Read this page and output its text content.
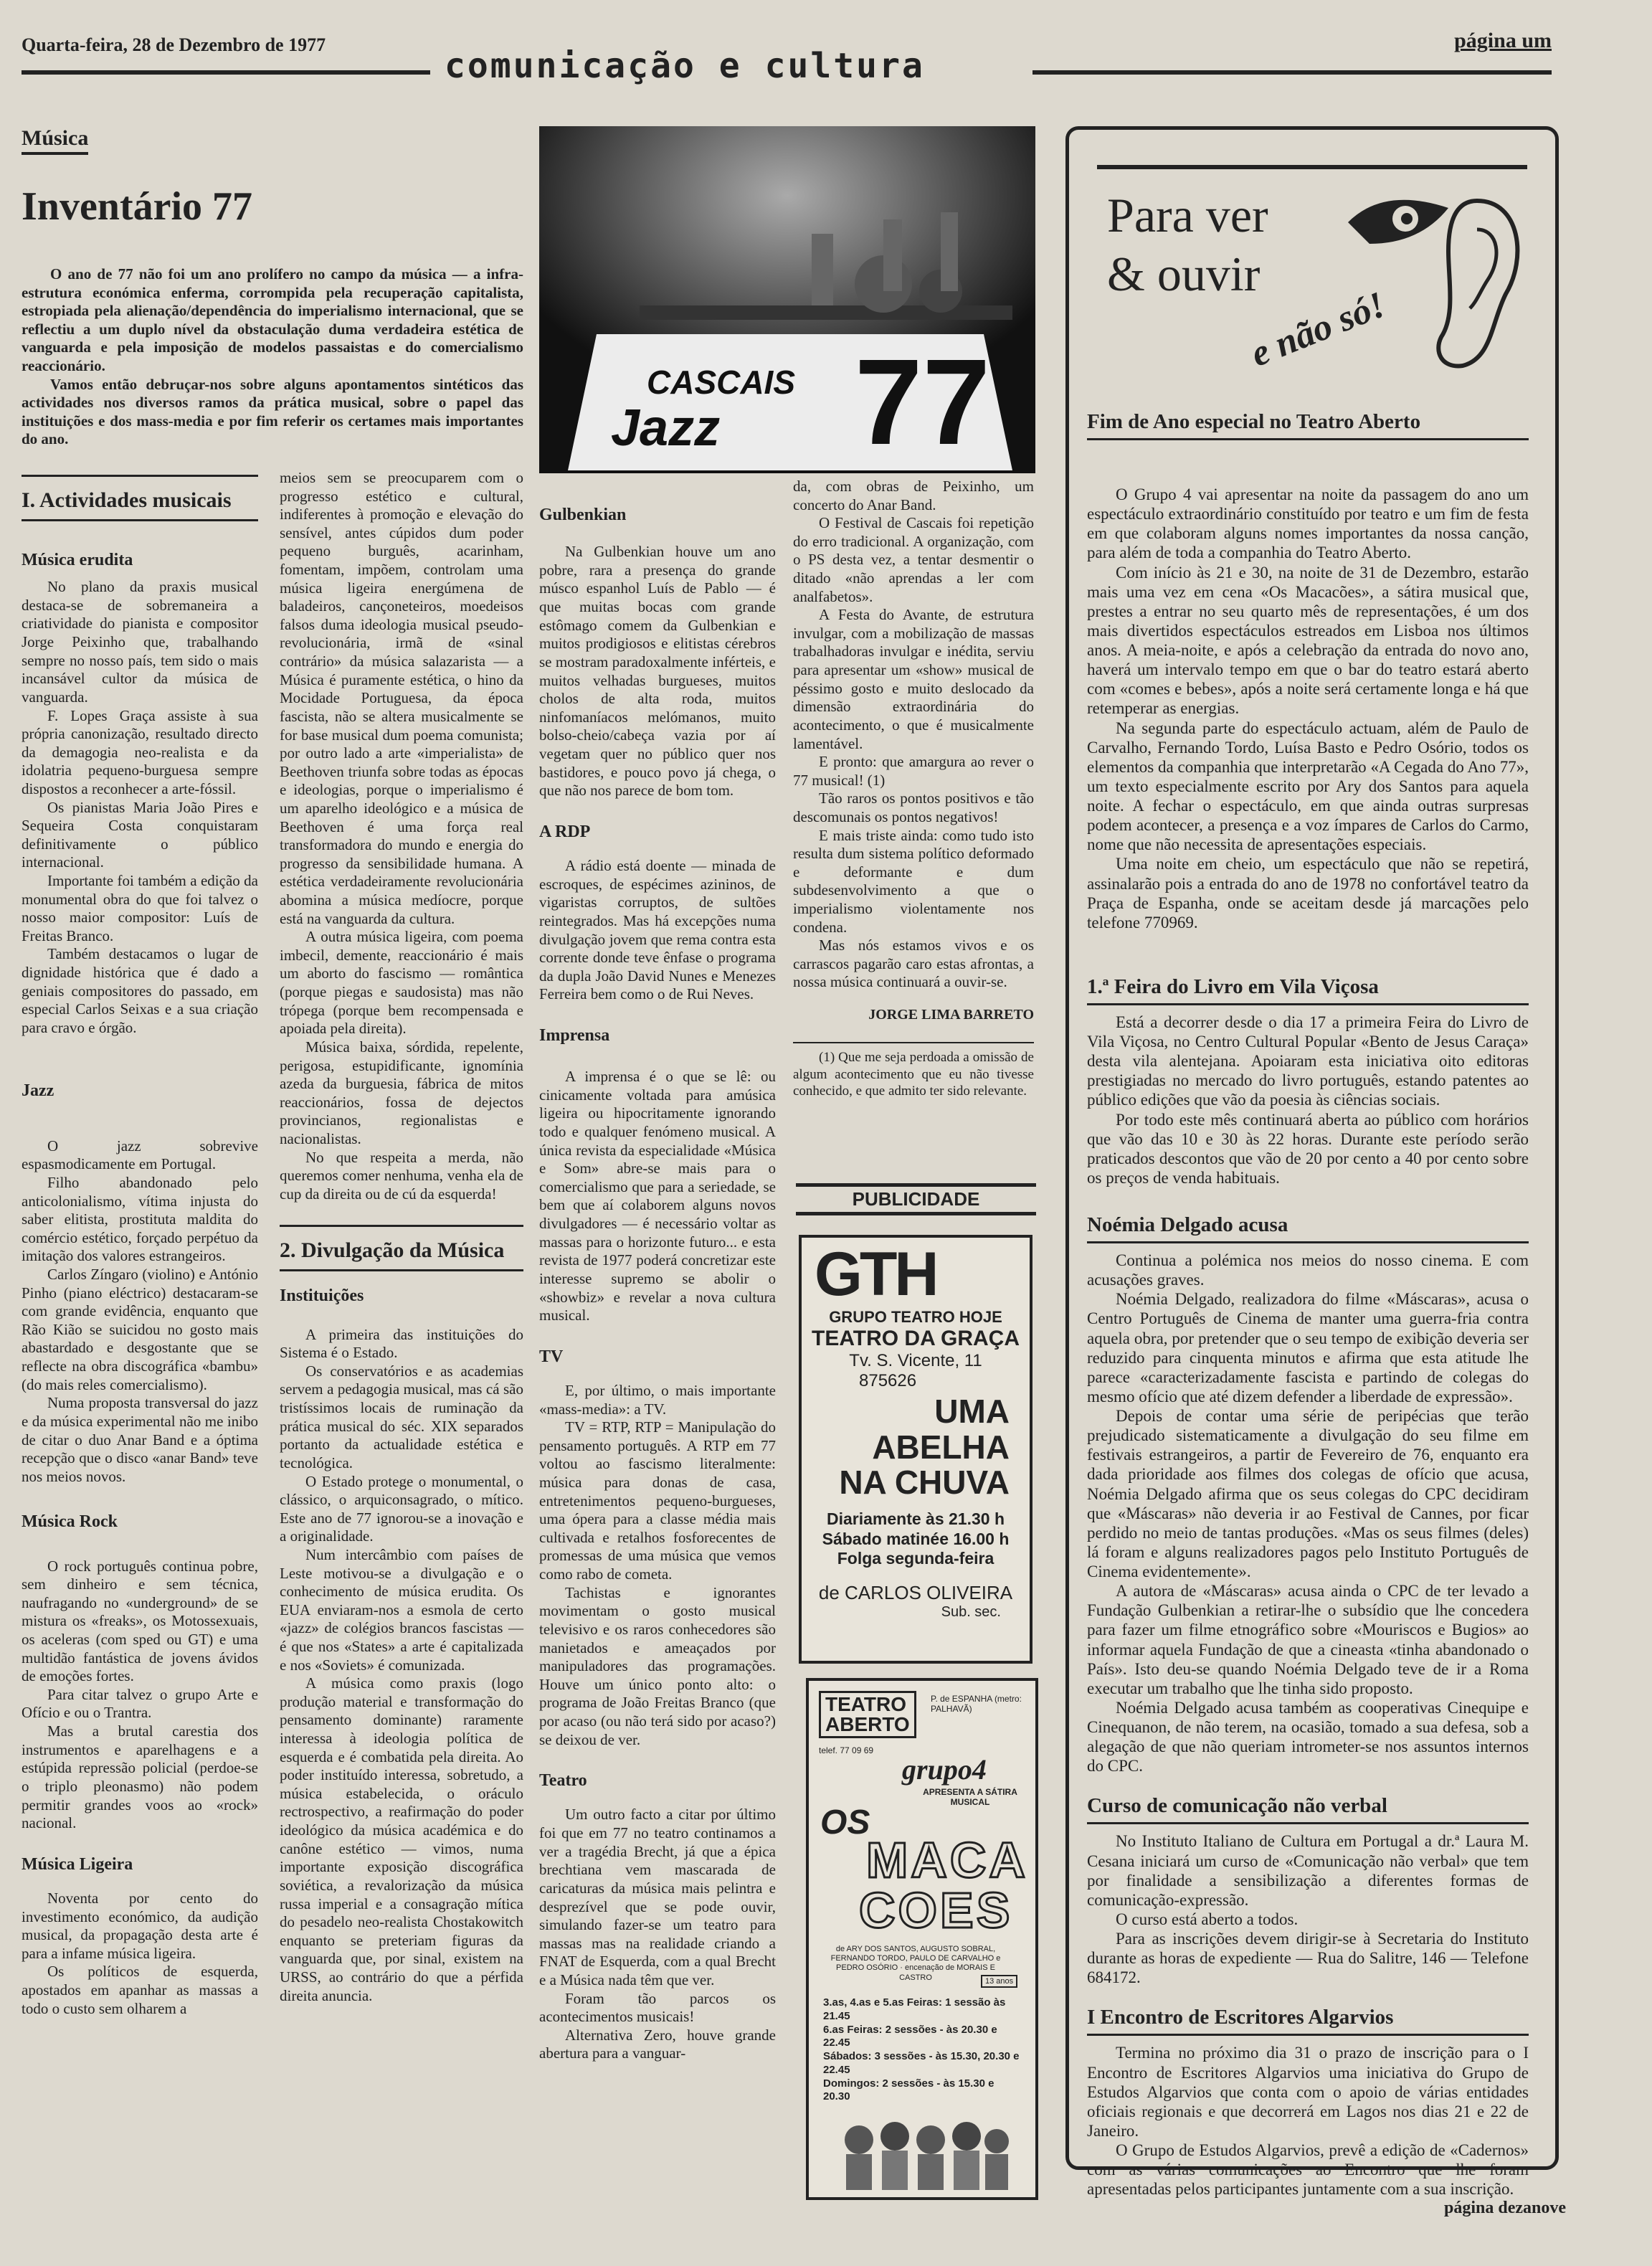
Quarta-feira, 28 de Dezembro de 1977
comunicação e cultura
página um
Música
Inventário 77

O ano de 77 não foi um ano prolífero no campo da música — a infra-estrutura económica enferma, corrompida pela recuperação capitalista, estropiada pela alienação/dependência do imperialismo internacional, que se reflectiu a um duplo nível da obstaculação duma verdadeira estética de vanguarda e pela imposição de modelos passaistas e do comercialismo reaccionário.

Vamos então debruçar-nos sobre alguns apontamentos sintéticos das actividades nos diversos ramos da prática musical, sobre o papel das instituições e dos mass-media e por fim referir os certames mais importantes do ano.

CASCAIS
Jazz 77
I. Actividades musicais
Música erudita

No plano da praxis musical destaca-se de sobremaneira a criatividade do pianista e compositor Jorge Peixinho que, trabalhando sempre no nosso país, tem sido o mais incansável cultor da música de vanguarda.

F. Lopes Graça assiste à sua própria canonização, resultado directo da demagogia neo-realista e da idolatria pequeno-burguesa sempre dispostos a reconhecer a arte-fóssil.

Os pianistas Maria João Pires e Sequeira Costa conquistaram definitivamente o público internacional.

Importante foi também a edição da monumental obra do que foi talvez o nosso maior compositor: Luís de Freitas Branco.

Também destacamos o lugar de dignidade histórica que é dado a geniais compositores do passado, em especial Carlos Seixas e a sua criação para cravo e órgão.

Jazz

O jazz sobrevive espasmodicamente em Portugal.

Filho abandonado pelo anticolonialismo, vítima injusta do saber elitista, prostituta maldita do comércio estético, forçado perpétuo da imitação dos valores estrangeiros.

Carlos Zíngaro (violino) e António Pinho (piano eléctrico) destacaram-se com grande evidência, enquanto que Rão Kião se suicidou no gosto mais abastardado e desgostante que se reflecte na obra discográfica «bambu» (do mais reles comercialismo).

Numa proposta transversal do jazz e da música experimental não me inibo de citar o duo Anar Band e a óptima recepção que o disco «anar Band» teve nos meios novos.

Música Rock

O rock português continua pobre, sem dinheiro e sem técnica, naufragando no «underground» de se mistura os «freaks», os Motossexuais, os aceleras (com sped ou GT) e uma multidão fantástica de jovens ávidos de emoções fortes.

Para citar talvez o grupo Arte e Ofício e ou o Trantra.

Mas a brutal carestia dos instrumentos e aparelhagens e a estúpida repressão policial (perdoe-se o triplo pleonasmo) não podem permitir grandes voos ao «rock» nacional.

Música Ligeira

Noventa por cento do investimento económico, da audição musical, da propagação desta arte é para a infame música ligeira.

Os políticos de esquerda, apostados em apanhar as massas a todo o custo sem olharem a

meios sem se preocuparem com o progresso estético e cultural, indiferentes à promoção e elevação do sensível, antes cúpidos dum poder pequeno burguês, acarinham, fomentam, impõem, controlam uma música ligeira energúmena de baladeiros, cançoneteiros, moedeisos falsos duma ideologia musical pseudo-revolucionária, irmã de «sinal contrário» da música salazarista — a Música é puramente estética, o hino da Mocidade Portuguesa, da época fascista, não se altera musicalmente se for base musical dum poema comunista; por outro lado a arte «imperialista» de Beethoven triunfa sobre todas as épocas e ideologias, porque o imperialismo é um aparelho ideológico e a música de Beethoven é uma força real transformadora do mundo e energia do progresso da sensibilidade humana. A estética verdadeiramente revolucionária abomina a música medíocre, porque está na vanguarda da cultura.

A outra música ligeira, com poema imbecil, demente, reaccionário é mais um aborto do fascismo — romântica (porque piegas e saudosista) mas não trópega (porque bem recompensada e apoiada pela direita).

Música baixa, sórdida, repelente, perigosa, estupidificante, ignomínia azeda da burguesia, fábrica de mitos reaccionários, fossa de dejectos provincianos, regionalistas e nacionalistas.

No que respeita a merda, não queremos comer nenhuma, venha ela de cup da direita ou de cú da esquerda!

2. Divulgação da Música
Instituições

A primeira das instituições do Sistema é o Estado.

Os conservatórios e as academias servem a pedagogia musical, mas cá são tristíssimos locais de ruminação da prática musical do séc. XIX separados portanto da actualidade estética e tecnológica.

O Estado protege o monumental, o clássico, o arquiconsagrado, o mítico. Este ano de 77 ignorou-se a inovação e a originalidade.

Num intercâmbio com países de Leste motivou-se a divulgação e o conhecimento de música erudita. Os EUA enviaram-nos a esmola de certo «jazz» de colégios brancos fascistas — é que nos «States» a arte é capitalizada e nos «Soviets» é comunizada.

A música como praxis (logo produção material e transformação do pensamento dominante) raramente interessa à ideologia política de esquerda e é combatida pela direita. Ao poder instituído interessa, sobretudo, a música estabelecida, o oráculo rectrospectivo, a reafirmação do poder ideológico da música académica e do canône estético — vimos, numa importante exposição discográfica soviética, a revalorização da música russa imperial e a consagração mítica do pesadelo neo-realista Chostakowitch enquanto se preteriam figuras da vanguarda que, por sinal, existem na URSS, ao contrário do que a pérfida direita anuncia.

Gulbenkian

Na Gulbenkian houve um ano pobre, rara a presença do grande músco espanhol Luís de Pablo — é que muitas bocas com grande estômago comem da Gulbenkian e muitos prodigiosos e elitistas cérebros se mostram paradoxalmente inférteis, e muitos velhadas burgueses, muitos cholos de alta roda, muitos ninfomaníacos melómanos, muito bolso-cheio/cabeça vazia por aí vegetam quer no público quer nos bastidores, e pouco povo já chega, o que não nos parece de bom tom.

A RDP

A rádio está doente — minada de escroques, de espécimes azininos, de vigaristas corruptos, de sultões reintegrados. Mas há excepções numa divulgação jovem que rema contra esta corrente donde teve ênfase o programa da dupla João David Nunes e Menezes Ferreira bem como o de Rui Neves.

Imprensa

A imprensa é o que se lê: ou cinicamente voltada para amúsica ligeira ou hipocritamente ignorando todo e qualquer fenómeno musical. A única revista da especialidade «Música e Som» abre-se mais para o comercialismo que para a seriedade, se bem que aí colaborem alguns novos divulgadores — é necessário voltar as massas para o horizonte futuro... e esta revista de 1977 poderá concretizar este interesse supremo se abolir o «showbiz» e revelar a nova cultura musical.

TV

E, por último, o mais importante «mass-media»: a TV.

TV = RTP, RTP = Manipulação do pensamento português. A RTP em 77 voltou ao fascismo literalmente: música para donas de casa, entretenimentos pequeno-burgueses, uma ópera para a classe média mais cultivada e retalhos fosforecentes de promessas de uma música que vemos como rabo de cometa.

Tachistas e ignorantes movimentam o gosto musical televisivo e os raros conhecedores são manietados e ameaçados por manipuladores das programações. Houve um único ponto alto: o programa de João Freitas Branco (que por acaso (ou não terá sido por acaso?) se deixou de ver.

Teatro

Um outro facto a citar por último foi que em 77 no teatro continamos a ver a tragédia Brecht, já que a épica brechtiana vem mascarada de caricaturas da música mais pelintra e desprezível que se pode ouvir, simulando fazer-se um teatro para massas mas na realidade criando a FNAT de Esquerda, com a qual Brecht e a Música nada têm que ver.

Foram tão parcos os acontecimentos musicais!

Alternativa Zero, houve grande abertura para a vanguar-

da, com obras de Peixinho, um concerto do Anar Band.

O Festival de Cascais foi repetição do erro tradicional. A organização, com o PS desta vez, a tentar desmentir o ditado «não aprendas a ler com analfabetos».

A Festa do Avante, de estrutura invulgar, com a mobilização de massas trabalhadoras invulgar e inédita, serviu para apresentar um «show» musical de péssimo gosto e muito deslocado da dimensão extraordinária do acontecimento, o que é musicalmente lamentável.

E pronto: que amargura ao rever o 77 musical! (1)

Tão raros os pontos positivos e tão descomunais os pontos negativos!

E mais triste ainda: como tudo isto resulta dum sistema político deformado e deformante e dum subdesenvolvimento a que o imperialismo violentamente nos condena.

Mas nós estamos vivos e os carrascos pagarão caro estas afrontas, a nossa música continuará a ouvir-se.

JORGE LIMA BARRETO

(1) Que me seja perdoada a omissão de algum acontecimento que eu não tivesse conhecido, e que admito ter sido relevante.

PUBLICIDADE
GTH
GRUPO TEATRO HOJE
TEATRO DA GRAÇA
Tv. S. Vicente, 11
875626
UMA
ABELHA
NA CHUVA
Diariamente às 21.30 h
Sábado matinée 16.00 h
Folga segunda-feira
de CARLOS OLIVEIRA
Sub. sec.
TEATRO
ABERTO
P. de ESPANHA (metro: PALHAVÃ)
telef. 77 09 69
grupo4
APRESENTA A SÁTIRA MUSICAL
OS
MACA
COES
de ARY DOS SANTOS, AUGUSTO SOBRAL, FERNANDO TORDO, PAULO DE CARVALHO e PEDRO OSÓRIO · encenação de MORAIS E CASTRO	13 anos
3.as, 4.as e 5.as Feiras: 1 sessão às 21.45
6.as Feiras: 2 sessões - às 20.30 e 22.45
Sábados: 3 sessões - às 15.30, 20.30 e 22.45
Domingos: 2 sessões - às 15.30 e 20.30
Para ver
& ouvir
e não só!
Fim de Ano especial no Teatro Aberto

O Grupo 4 vai apresentar na noite da passagem do ano um espectáculo extraordinário constituído por teatro e um fim de festa em que colaboram alguns nomes importantes da nossa canção, para além de toda a companhia do Teatro Aberto.

Com início às 21 e 30, na noite de 31 de Dezembro, estarão mais uma vez em cena «Os Macacões», a sátira musical que, prestes a entrar no seu quarto mês de representações, é um dos mais divertidos espectáculos estreados em Lisboa nos últimos anos. A meia-noite, e após a celebração da entrada do novo ano, haverá um intervalo tempo em que o bar do teatro estará aberto com «comes e bebes», após a noite será certamente longa e há que retemperar as energias.

Na segunda parte do espectáculo actuam, além de Paulo de Carvalho, Fernando Tordo, Luísa Basto e Pedro Osório, todos os elementos da companhia que interpretarão «A Cegada do Ano 77», um texto especialmente escrito por Ary dos Santos para aquela noite. A fechar o espectáculo, em que ainda outras surpresas podem acontecer, a presença e a voz ímpares de Carlos do Carmo, nome que não necessita de apresentações especiais.

Uma noite em cheio, um espectáculo que não se repetirá, assinalarão pois a entrada do ano de 1978 no confortável teatro da Praça de Espanha, onde se aceitam desde já marcações pelo telefone 770969.

1.ª Feira do Livro em Vila Viçosa

Está a decorrer desde o dia 17 a primeira Feira do Livro de Vila Viçosa, no Centro Cultural Popular «Bento de Jesus Caraça» desta vila alentejana. Apoiaram esta iniciativa oito editoras prestigiadas no mercado do livro português, estando patentes ao público edições que vão da poesia às ciências sociais.

Por todo este mês continuará aberta ao público com horários que vão das 10 e 30 às 22 horas. Durante este período serão praticados descontos que vão de 20 por cento a 40 por cento sobre os preços de venda habituais.

Noémia Delgado acusa

Continua a polémica nos meios do nosso cinema. E com acusações graves.

Noémia Delgado, realizadora do filme «Máscaras», acusa o Centro Português de Cinema de manter uma guerra-fria contra aquela obra, por pretender que o seu tempo de exibição deveria ser reduzido para cinquenta minutos e afirma que esta atitude lhe parece «caracterizadamente fascista e partindo de colegas do mesmo ofício que até dizem defender a liberdade de expressão».

Depois de contar uma série de peripécias que terão prejudicado sistematicamente a divulgação do seu filme em festivais estrangeiros, a partir de Fevereiro de 76, enquanto era dada prioridade aos filmes dos colegas de ofício que acusa, Noémia Delgado afirma que os seus colegas do CPC decidiram que «Máscaras» não deveria ir ao Festival de Cannes, por ficar perdido no meio de tantas produções. «Mas os seus filmes (deles) lá foram e alguns realizadores pagos pelo Instituto Português de Cinema evidentemente».

A autora de «Máscaras» acusa ainda o CPC de ter levado a Fundação Gulbenkian a retirar-lhe o subsídio que lhe concedera para fazer um filme etnográfico sobre «Mouriscos e Bugios» ao informar aquela Fundação de que a cineasta «tinha abandonado o País». Isto deu-se quando Noémia Delgado teve de ir a Roma executar um trabalho que lhe tinha sido proposto.

Noémia Delgado acusa também as cooperativas Cinequipe e Cinequanon, de não terem, na ocasião, tomado a sua defesa, sob a alegação de que não queriam intrometer-se nos assuntos internos do CPC.

Curso de comunicação não verbal

No Instituto Italiano de Cultura em Portugal a dr.ª Laura M. Cesana iniciará um curso de «Comunicação não verbal» que tem por finalidade a sensibilização a diferentes formas de comunicação-expressão.

O curso está aberto a todos.

Para as inscrições devem dirigir-se à Secretaria do Instituto durante as horas de expediente — Rua do Salitre, 146 — Telefone 684172.

I Encontro de Escritores Algarvios

Termina no próximo dia 31 o prazo de inscrição para o I Encontro de Escritores Algarvios uma iniciativa do Grupo de Estudos Algarvios que conta com o apoio de várias entidades oficiais regionais e que decorrerá em Lagos nos dias 21 e 22 de Janeiro.

O Grupo de Estudos Algarvios, prevê a edição de «Cadernos» com as várias comunicações ao Encontro que lhe foram apresentadas pelos participantes juntamente com a sua inscrição.

página dezanove
